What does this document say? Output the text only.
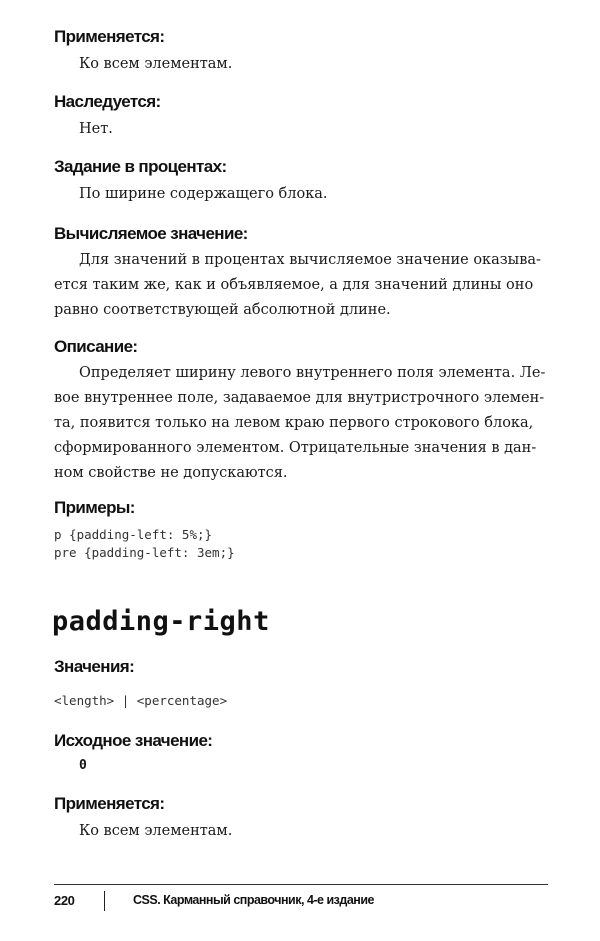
Применяется:

Ко всем элементам.

Наследуется:

Нет.

Задание в процентах:

По ширине содержащего блока.

Вычисляемое значение:

Для значений в процентах вычисляемое значение оказыва-
ется таким же, как и объявляемое, а для значений длины оно
равно соответствующей абсолютной длине.

Описание:

Определяет ширину левого внутреннего поля элемента. Ле-
вое внутреннее поле, задаваемое для внутристрочного элемен-
та, появится только на левом краю первого строкового блока,
сформированного элементом. Отрицательные значения в дан-
ном свойстве не допускаются.

Примеры:
p {padding-left: 5%;}
pre {padding-left: 3em;}
padding-right
Значения:
<length> | <percentage>
Исходное значение:

0

Применяется:

Ко всем элементам.

220	CSS. Карманный справочник, 4-е издание
